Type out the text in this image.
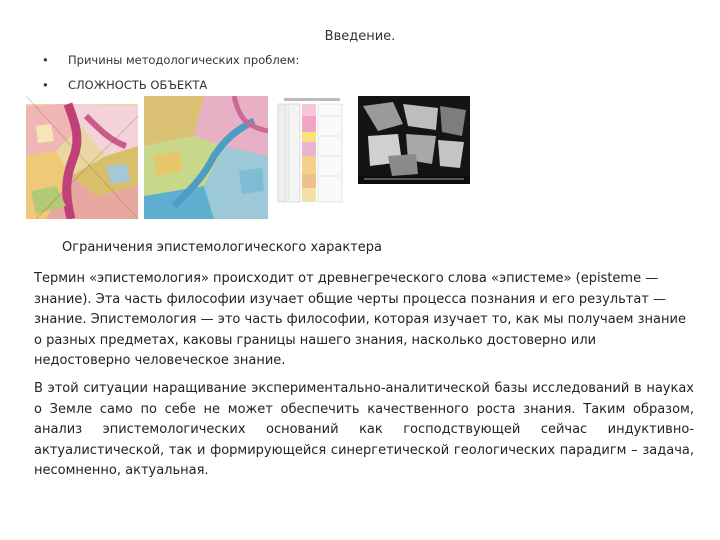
Введение.
• Причины методологических проблем:
• СЛОЖНОСТЬ ОБЪЕКТА
Ограничения эпистемологического характера

Термин «эпистемология» происходит от древнегреческого слова «эпистеме» (episteme — знание). Эта часть философии изучает общие черты процесса познания и его результат — знание. Эпистемология — это часть философии, которая изучает то, как мы получаем знание о разных предметах, каковы границы нашего знания, насколько достоверно или недостоверно человеческое знание.

В этой ситуации наращивание экспериментально-аналитической базы исследований в науках о Земле само по себе не может обеспечить качественного роста знания. Таким образом, анализ эпистемологических оснований как господствующей сейчас индуктивно-актуалистической, так и формирующейся синергетической геологических парадигм – задача, несомненно, актуальная.
